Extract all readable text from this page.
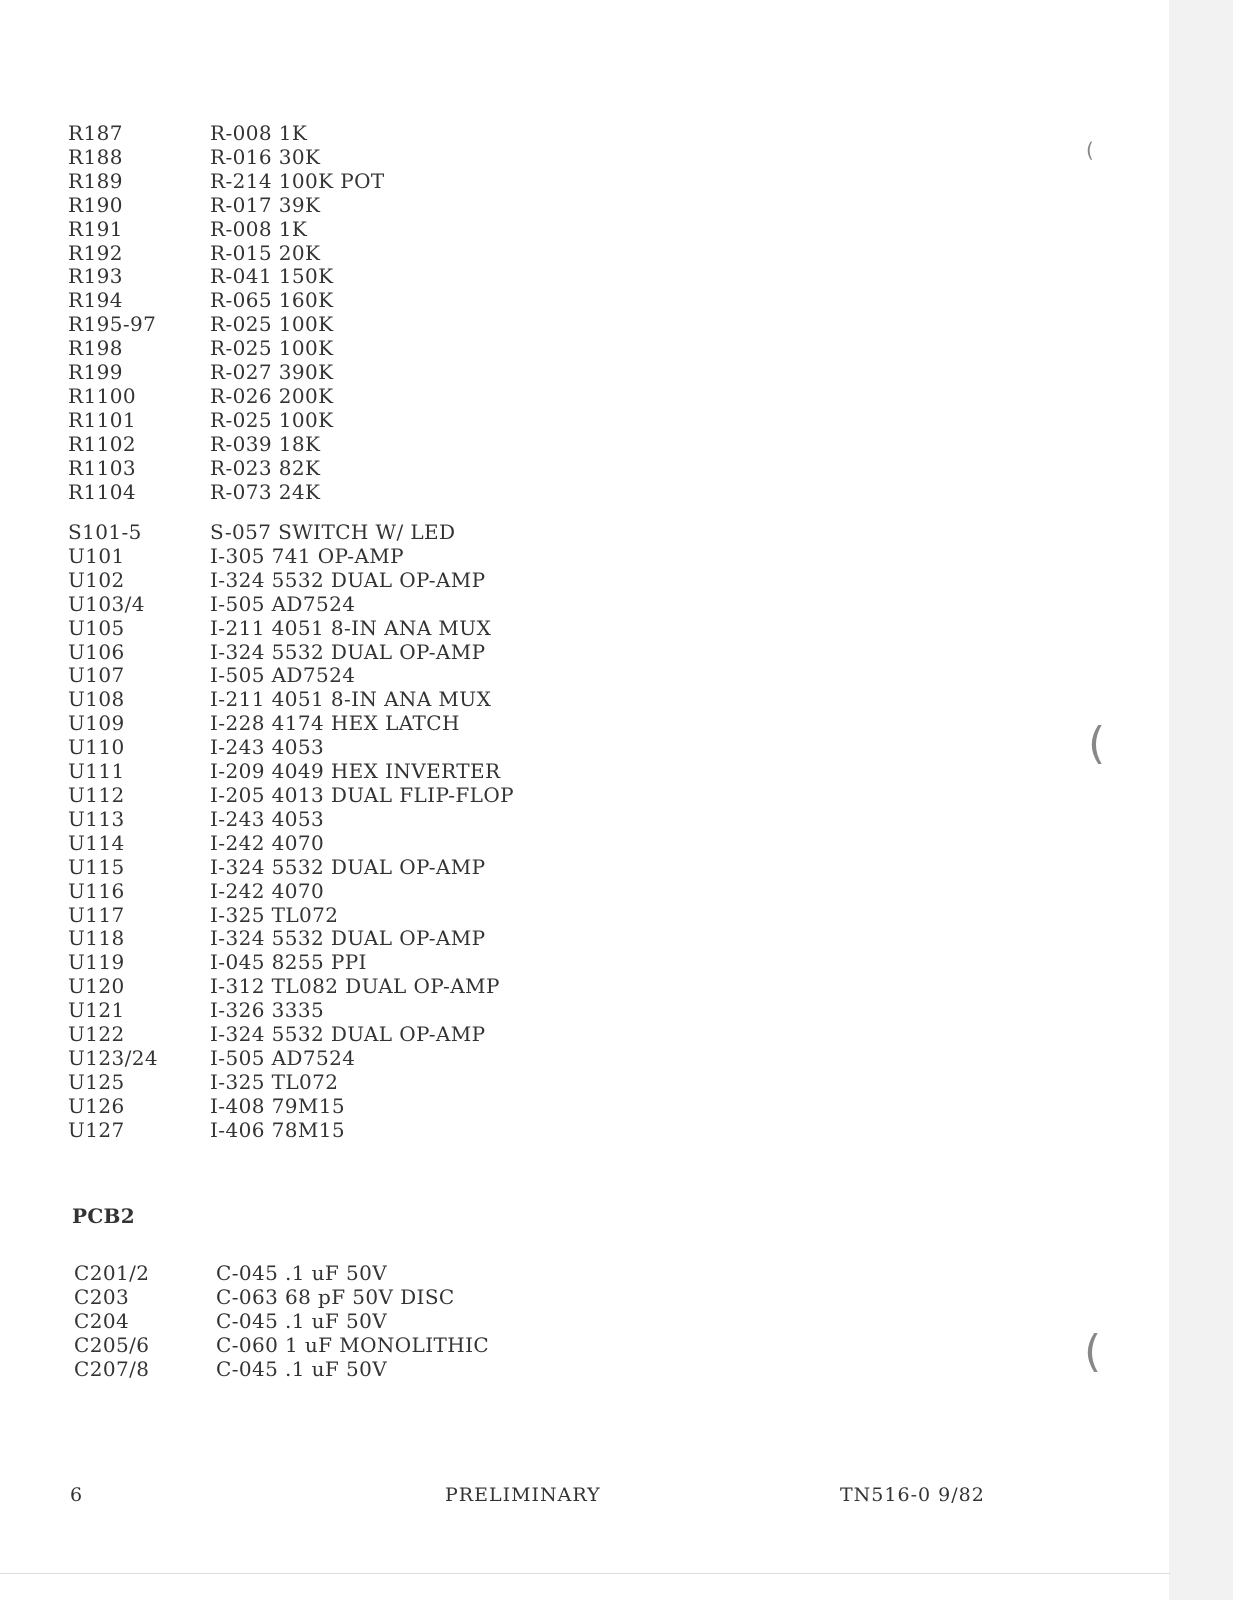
R187	R-008 1K
R188	R-016 30K
R189	R-214 100K POT
R190	R-017 39K
R191	R-008 1K
R192	R-015 20K
R193	R-041 150K
R194	R-065 160K
R195-97	R-025 100K
R198	R-025 100K
R199	R-027 390K
R1100	R-026 200K
R1101	R-025 100K
R1102	R-039 18K
R1103	R-023 82K
R1104	R-073 24K
S101-5	S-057 SWITCH W/ LED
U101	I-305 741 OP-AMP
U102	I-324 5532 DUAL OP-AMP
U103/4	I-505 AD7524
U105	I-211 4051 8-IN ANA MUX
U106	I-324 5532 DUAL OP-AMP
U107	I-505 AD7524
U108	I-211 4051 8-IN ANA MUX
U109	I-228 4174 HEX LATCH
U110	I-243 4053
U111	I-209 4049 HEX INVERTER
U112	I-205 4013 DUAL FLIP-FLOP
U113	I-243 4053
U114	I-242 4070
U115	I-324 5532 DUAL OP-AMP
U116	I-242 4070
U117	I-325 TL072
U118	I-324 5532 DUAL OP-AMP
U119	I-045 8255 PPI
U120	I-312 TL082 DUAL OP-AMP
U121	I-326 3335
U122	I-324 5532 DUAL OP-AMP
U123/24	I-505 AD7524
U125	I-325 TL072
U126	I-408 79M15
U127	I-406 78M15
PCB2
C201/2	C-045 .1 uF 50V
C203	C-063 68 pF 50V DISC
C204	C-045 .1 uF 50V
C205/6	C-060 1 uF MONOLITHIC
C207/8	C-045 .1 uF 50V
6	PRELIMINARY	TN516-0 9/82
(
(
(
